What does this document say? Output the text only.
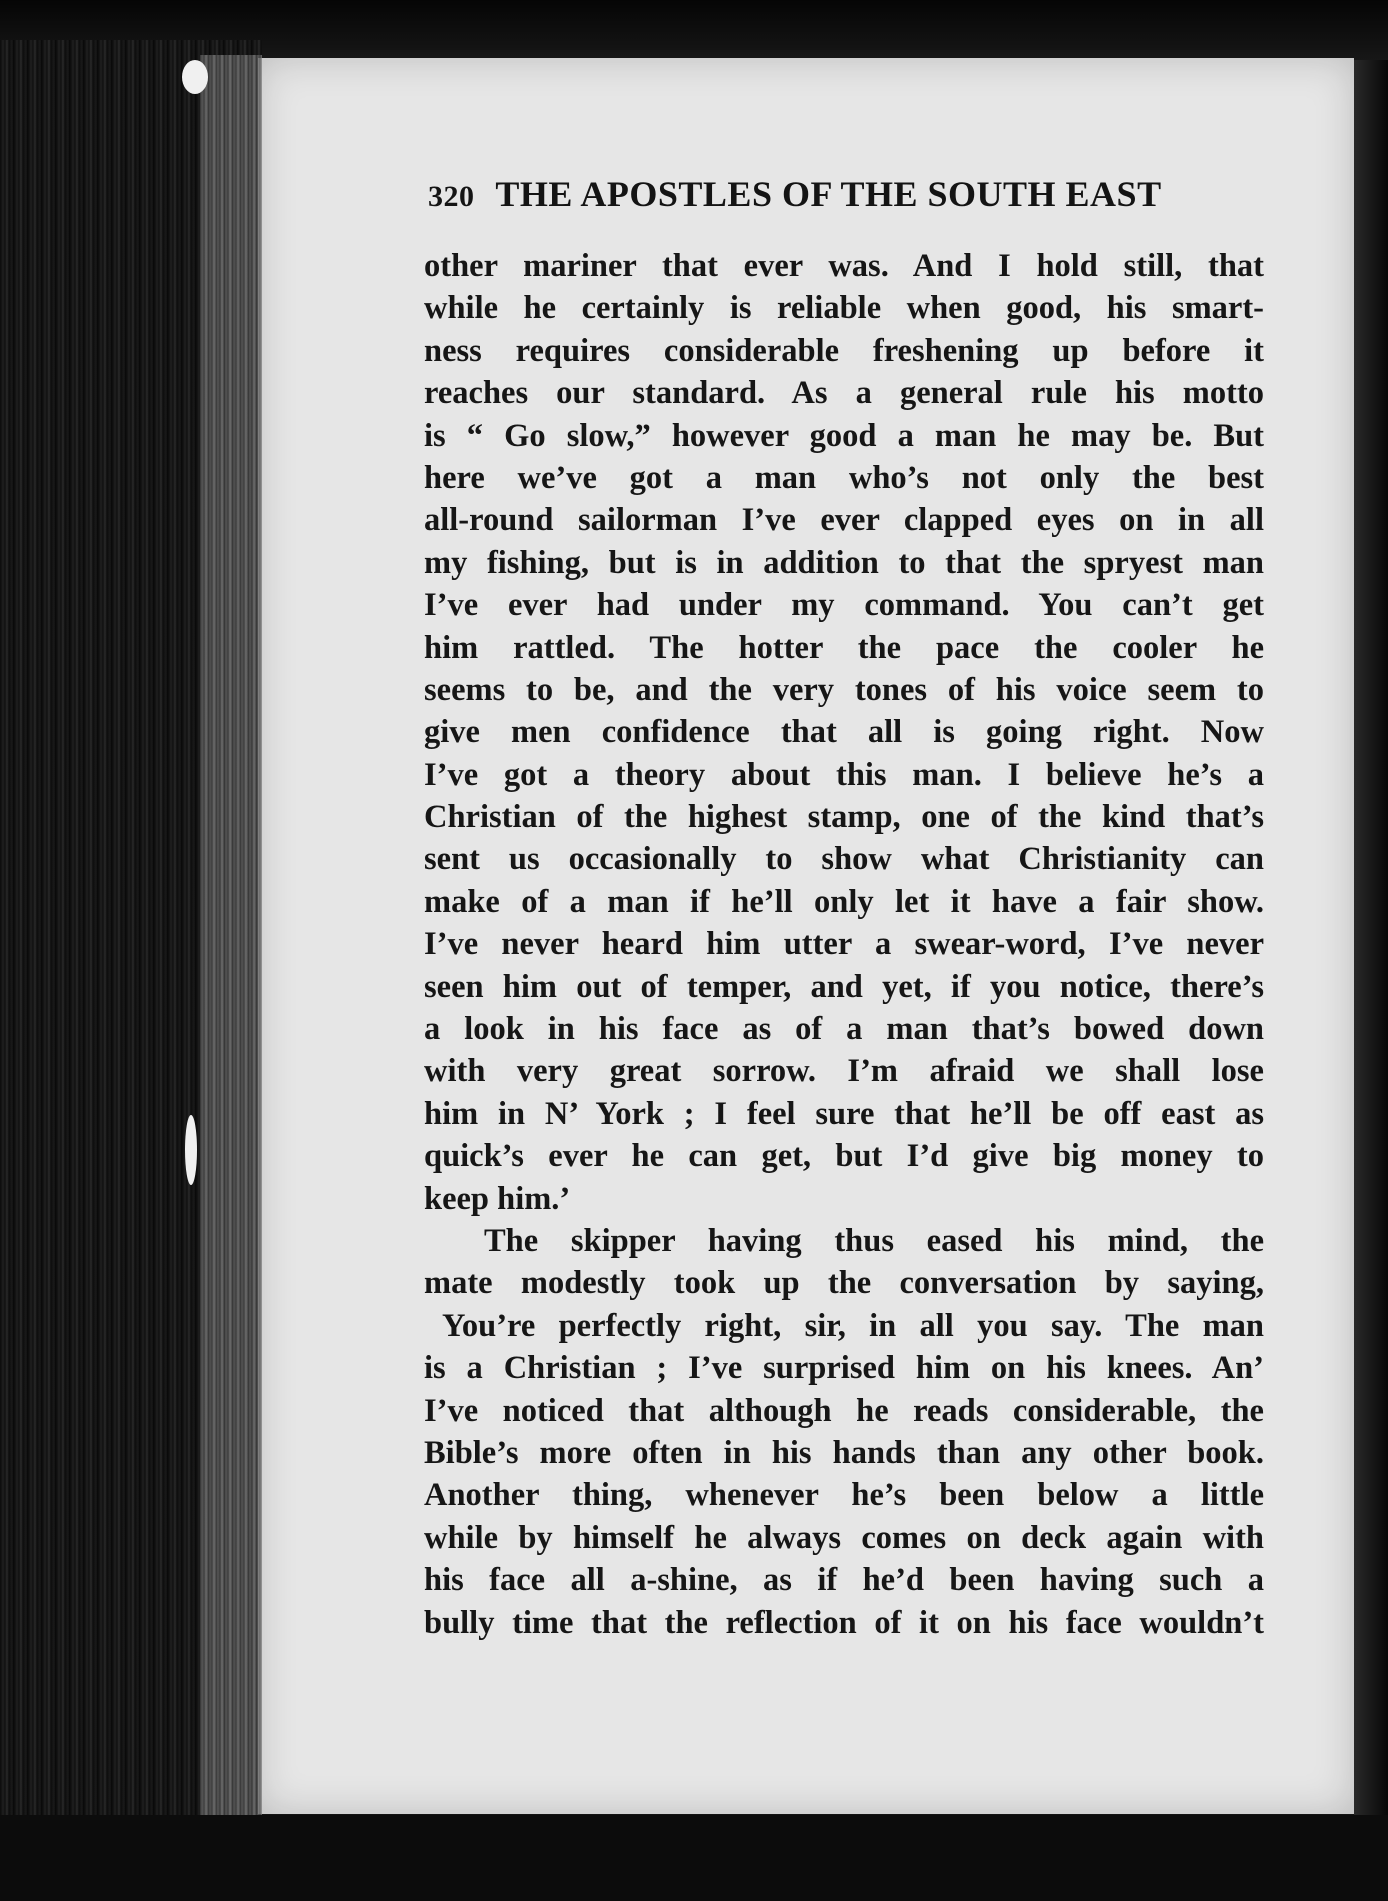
320 THE APOSTLES OF THE SOUTH EAST
other mariner that ever was. And I hold still, that
while he certainly is reliable when good, his smart-
ness requires considerable freshening up before it
reaches our standard. As a general rule his motto
is “ Go slow,” however good a man he may be. But
here we’ve got a man who’s not only the best
all-round sailorman I’ve ever clapped eyes on in all
my fishing, but is in addition to that the spryest man
I’ve ever had under my command. You can’t get
him rattled. The hotter the pace the cooler he
seems to be, and the very tones of his voice seem to
give men confidence that all is going right. Now
I’ve got a theory about this man. I believe he’s a
Christian of the highest stamp, one of the kind that’s
sent us occasionally to show what Christianity can
make of a man if he’ll only let it have a fair show.
I’ve never heard him utter a swear-word, I’ve never
seen him out of temper, and yet, if you notice, there’s
a look in his face as of a man that’s bowed down
with very great sorrow. I’m afraid we shall lose
him in N’ York ; I feel sure that he’ll be off east as
quick’s ever he can get, but I’d give big money to
keep him.’
The skipper having thus eased his mind, the
mate modestly took up the conversation by saying,
You’re perfectly right, sir, in all you say. The man
is a Christian ; I’ve surprised him on his knees. An’
I’ve noticed that although he reads considerable, the
Bible’s more often in his hands than any other book.
Another thing, whenever he’s been below a little
while by himself he always comes on deck again with
his face all a-shine, as if he’d been having such a
bully time that the reflection of it on his face wouldn’t
